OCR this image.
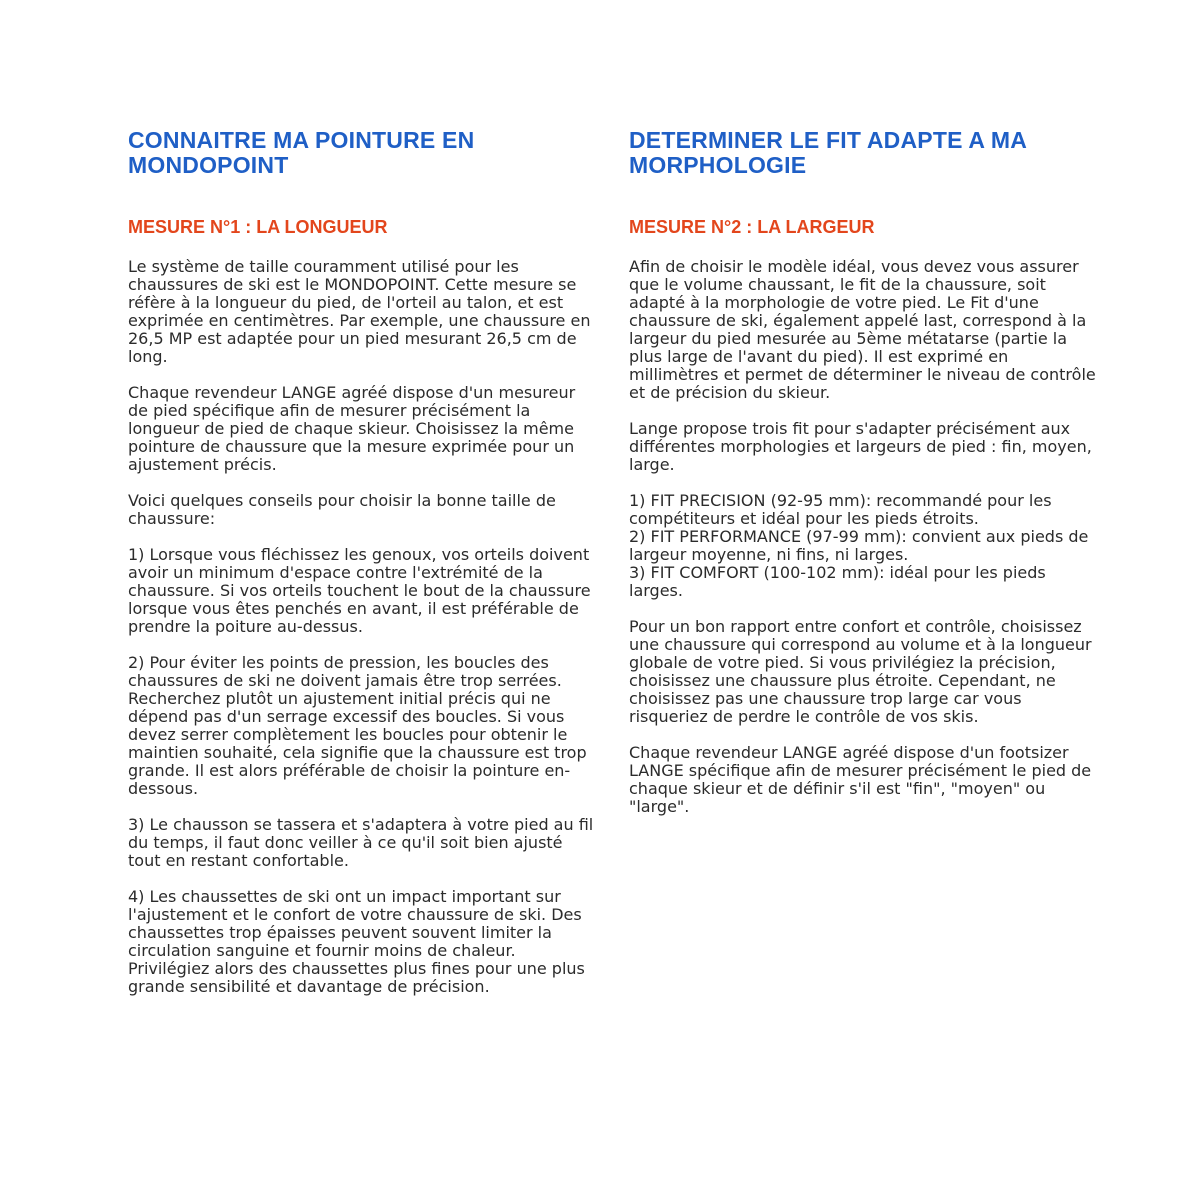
CONNAITRE MA POINTURE EN MONDOPOINT
MESURE N°1 : LA LONGUEUR

Le système de taille couramment utilisé pour les chaussures de ski est le MONDOPOINT. Cette mesure se réfère à la longueur du pied, de l'orteil au talon, et est exprimée en centimètres. Par exemple, une chaussure en 26,5 MP est adaptée pour un pied mesurant 26,5 cm de long.

Chaque revendeur LANGE agréé dispose d'un mesureur de pied spécifique afin de mesurer précisément la longueur de pied de chaque skieur. Choisissez la même pointure de chaussure que la mesure exprimée pour un ajustement précis.

Voici quelques conseils pour choisir la bonne taille de chaussure:

1) Lorsque vous fléchissez les genoux, vos orteils doivent avoir un minimum d'espace contre l'extrémité de la chaussure. Si vos orteils touchent le bout de la chaussure lorsque vous êtes penchés en avant, il est préférable de prendre la poiture au-dessus.

2) Pour éviter les points de pression, les boucles des chaussures de ski ne doivent jamais être trop serrées. Recherchez plutôt un ajustement initial précis qui ne dépend pas d'un serrage excessif des boucles. Si vous devez serrer complètement les boucles pour obtenir le maintien souhaité, cela signifie que la chaussure est trop grande. Il est alors préférable de choisir la pointure en-dessous.

3) Le chausson se tassera et s'adaptera à votre pied au fil du temps, il faut donc veiller à ce qu'il soit bien ajusté tout en restant confortable.

4) Les chaussettes de ski ont un impact important sur l'ajustement et le confort de votre chaussure de ski. Des chaussettes trop épaisses peuvent souvent limiter la circulation sanguine et fournir moins de chaleur. Privilégiez alors des chaussettes plus fines pour une plus grande sensibilité et davantage de précision.

DETERMINER LE FIT ADAPTE A MA MORPHOLOGIE
MESURE N°2 : LA LARGEUR

Afin de choisir le modèle idéal, vous devez vous assurer que le volume chaussant, le fit de la chaussure, soit adapté à la morphologie de votre pied. Le Fit d'une chaussure de ski, également appelé last, correspond à la largeur du pied mesurée au 5ème métatarse (partie la plus large de l'avant du pied). Il est exprimé en millimètres et permet de déterminer le niveau de contrôle et de précision du skieur.

Lange propose trois fit pour s'adapter précisément aux différentes morphologies et largeurs de pied : fin, moyen, large.

1) FIT PRECISION (92-95 mm): recommandé pour les compétiteurs et idéal pour les pieds étroits.
2) FIT PERFORMANCE (97-99 mm): convient aux pieds de largeur moyenne, ni fins, ni larges.
3) FIT COMFORT (100-102 mm): idéal pour les pieds larges.

Pour un bon rapport entre confort et contrôle, choisissez une chaussure qui correspond au volume et à la longueur globale de votre pied. Si vous privilégiez la précision, choisissez une chaussure plus étroite. Cependant, ne choisissez pas une chaussure trop large car vous risqueriez de perdre le contrôle de vos skis.

Chaque revendeur LANGE agréé dispose d'un footsizer LANGE spécifique afin de mesurer précisément le pied de chaque skieur et de définir s'il est "fin", "moyen" ou "large".
